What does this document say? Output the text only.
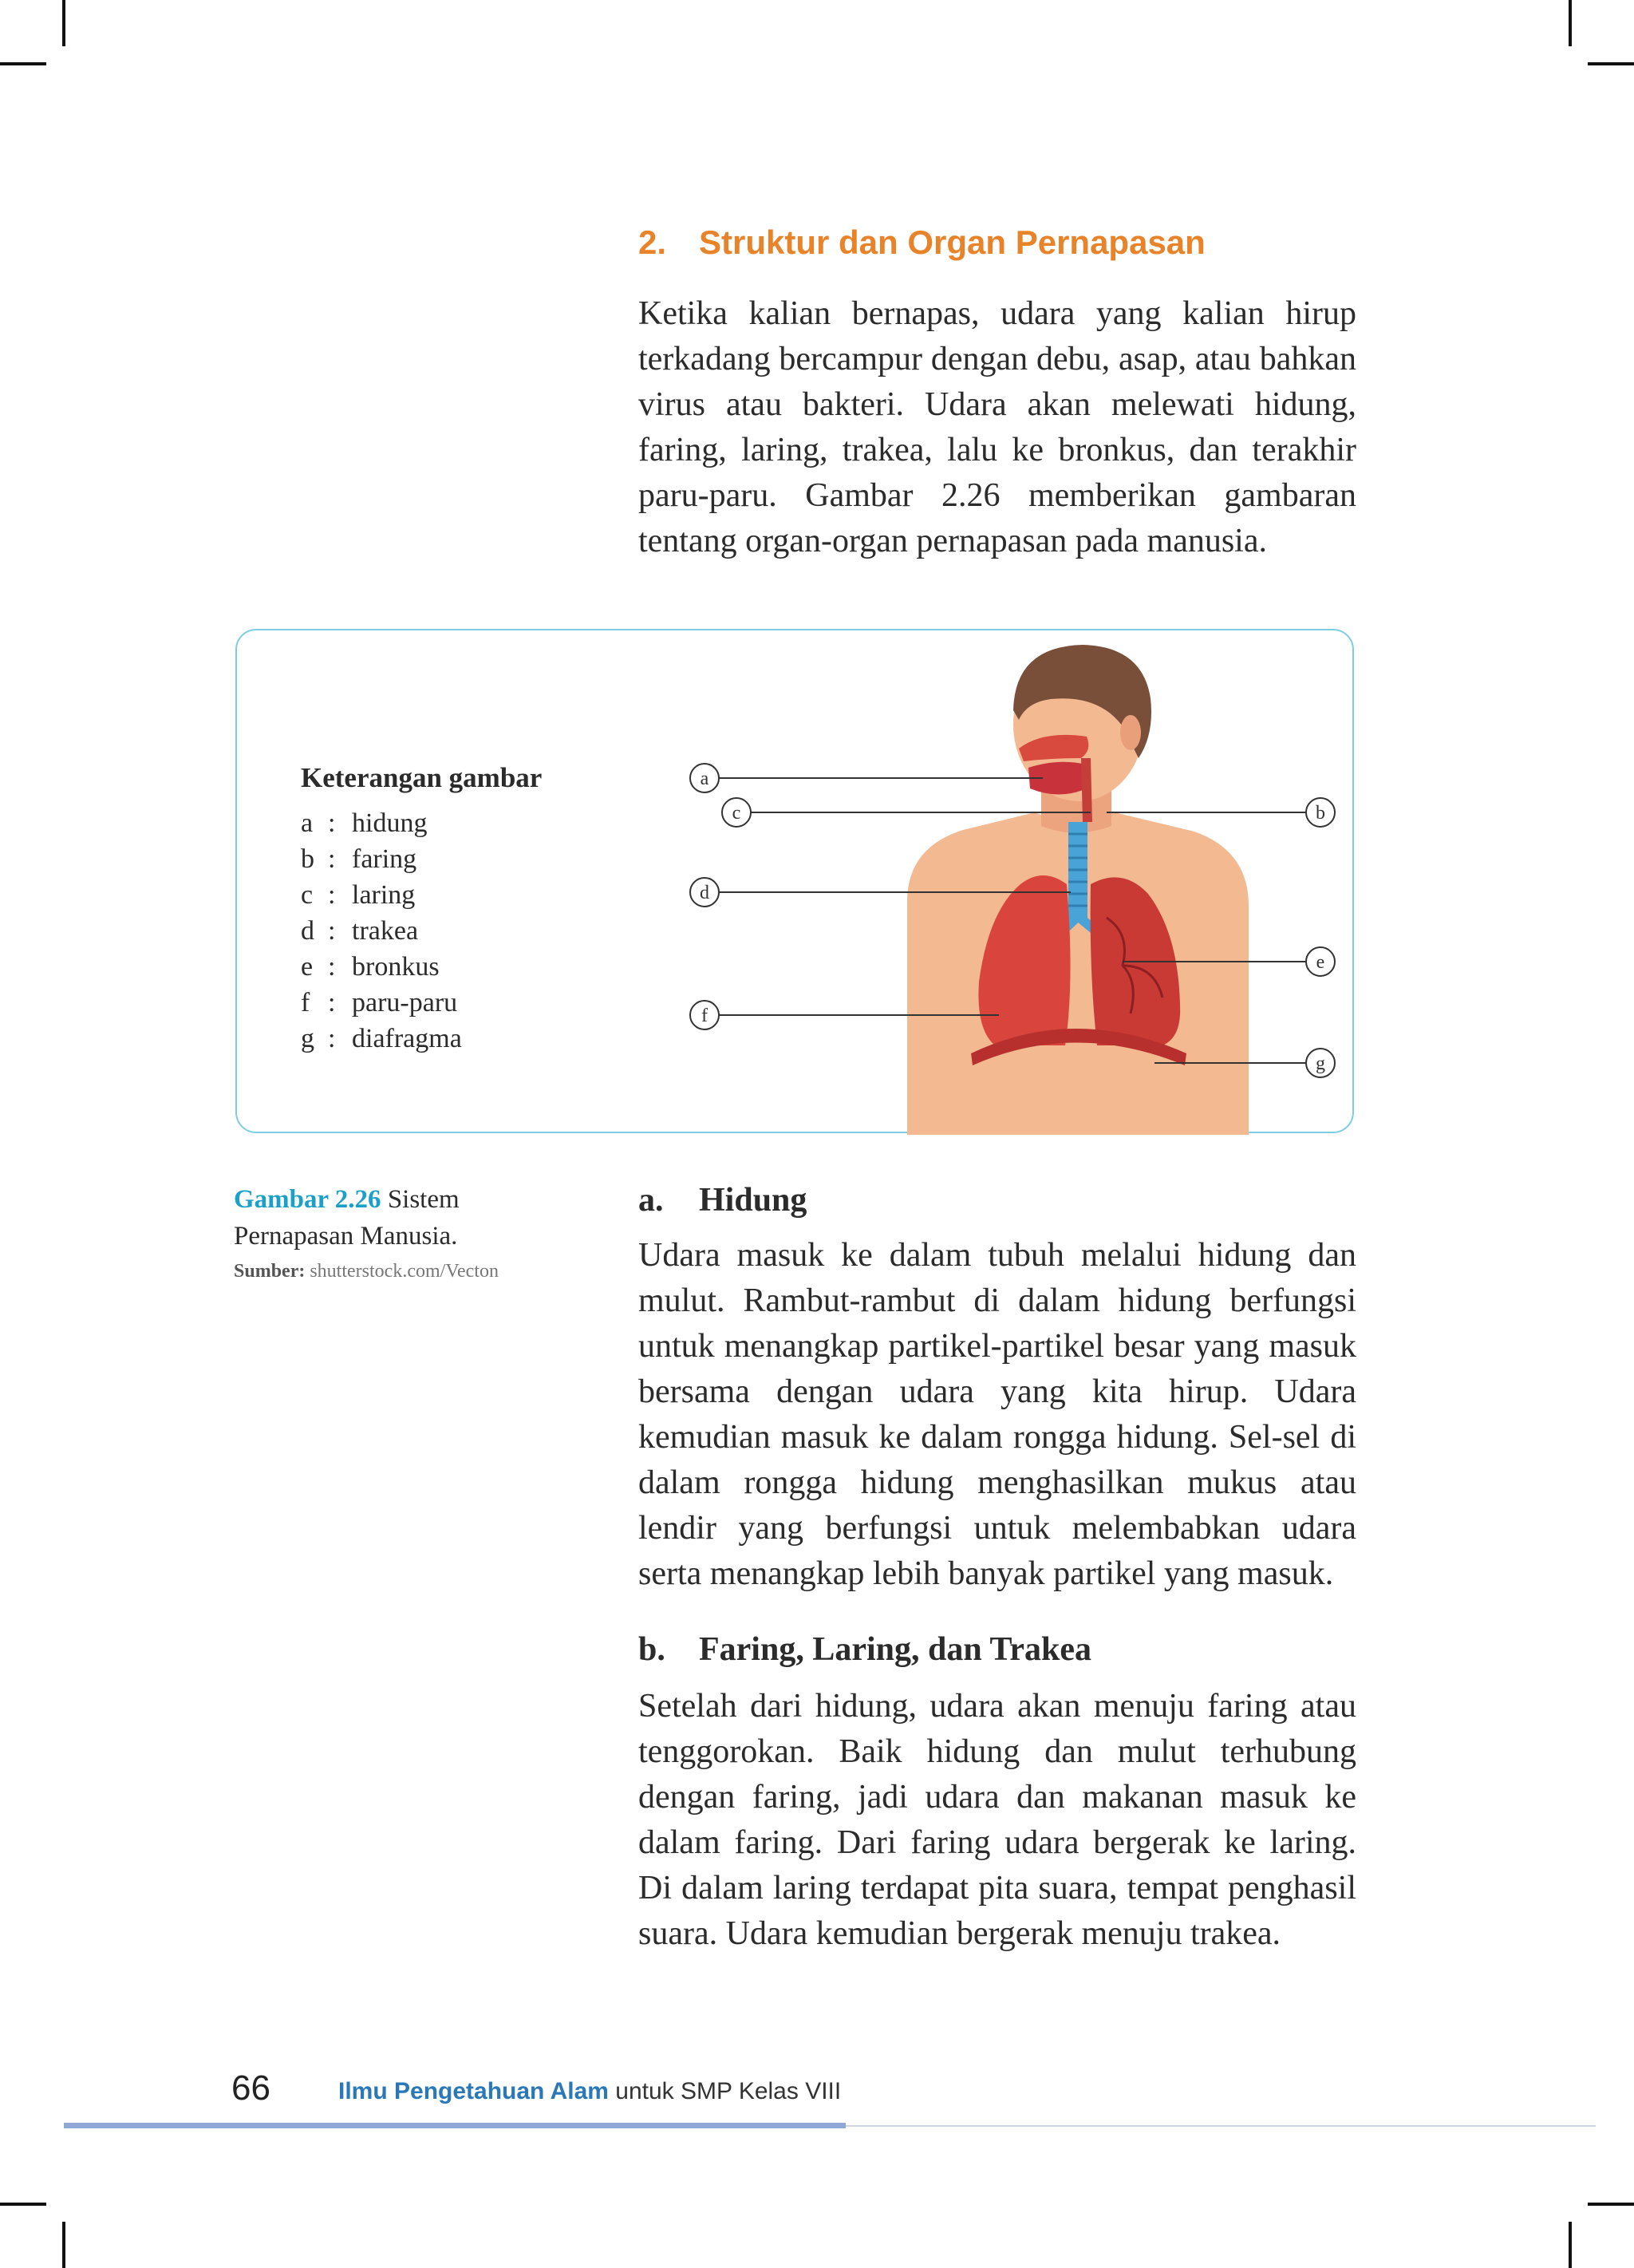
2. Struktur dan Organ Pernapasan

Ketika kalian bernapas, udara yang kalian hirup terkadang bercampur dengan debu, asap, atau bahkan virus atau bakteri. Udara akan melewati hidung, faring, laring, trakea, lalu ke bronkus, dan terakhir paru-paru. Gambar 2.26 memberikan gambaran tentang organ-organ pernapasan pada manusia.

Keterangan gambar

a : hidung
b : faring
c : laring
d : trakea
e : bronkus
f : paru-paru
g : diafragma
a
c	b
d
e
f
g

Gambar 2.26 Sistem Pernapasan Manusia.

Sumber: shutterstock.com/Vecton

a. Hidung

Udara masuk ke dalam tubuh melalui hidung dan mulut. Rambut-rambut di dalam hidung berfungsi untuk menangkap partikel-partikel besar yang masuk bersama dengan udara yang kita hirup. Udara kemudian masuk ke dalam rongga hidung. Sel-sel di dalam rongga hidung menghasilkan mukus atau lendir yang berfungsi untuk melembabkan udara serta menangkap lebih banyak partikel yang masuk.

b. Faring, Laring, dan Trakea

Setelah dari hidung, udara akan menuju faring atau tenggorokan. Baik hidung dan mulut terhubung dengan faring, jadi udara dan makanan masuk ke dalam faring. Dari faring udara bergerak ke laring. Di dalam laring terdapat pita suara, tempat penghasil suara. Udara kemudian bergerak menuju trakea.

66	Ilmu Pengetahuan Alam untuk SMP Kelas VIII
